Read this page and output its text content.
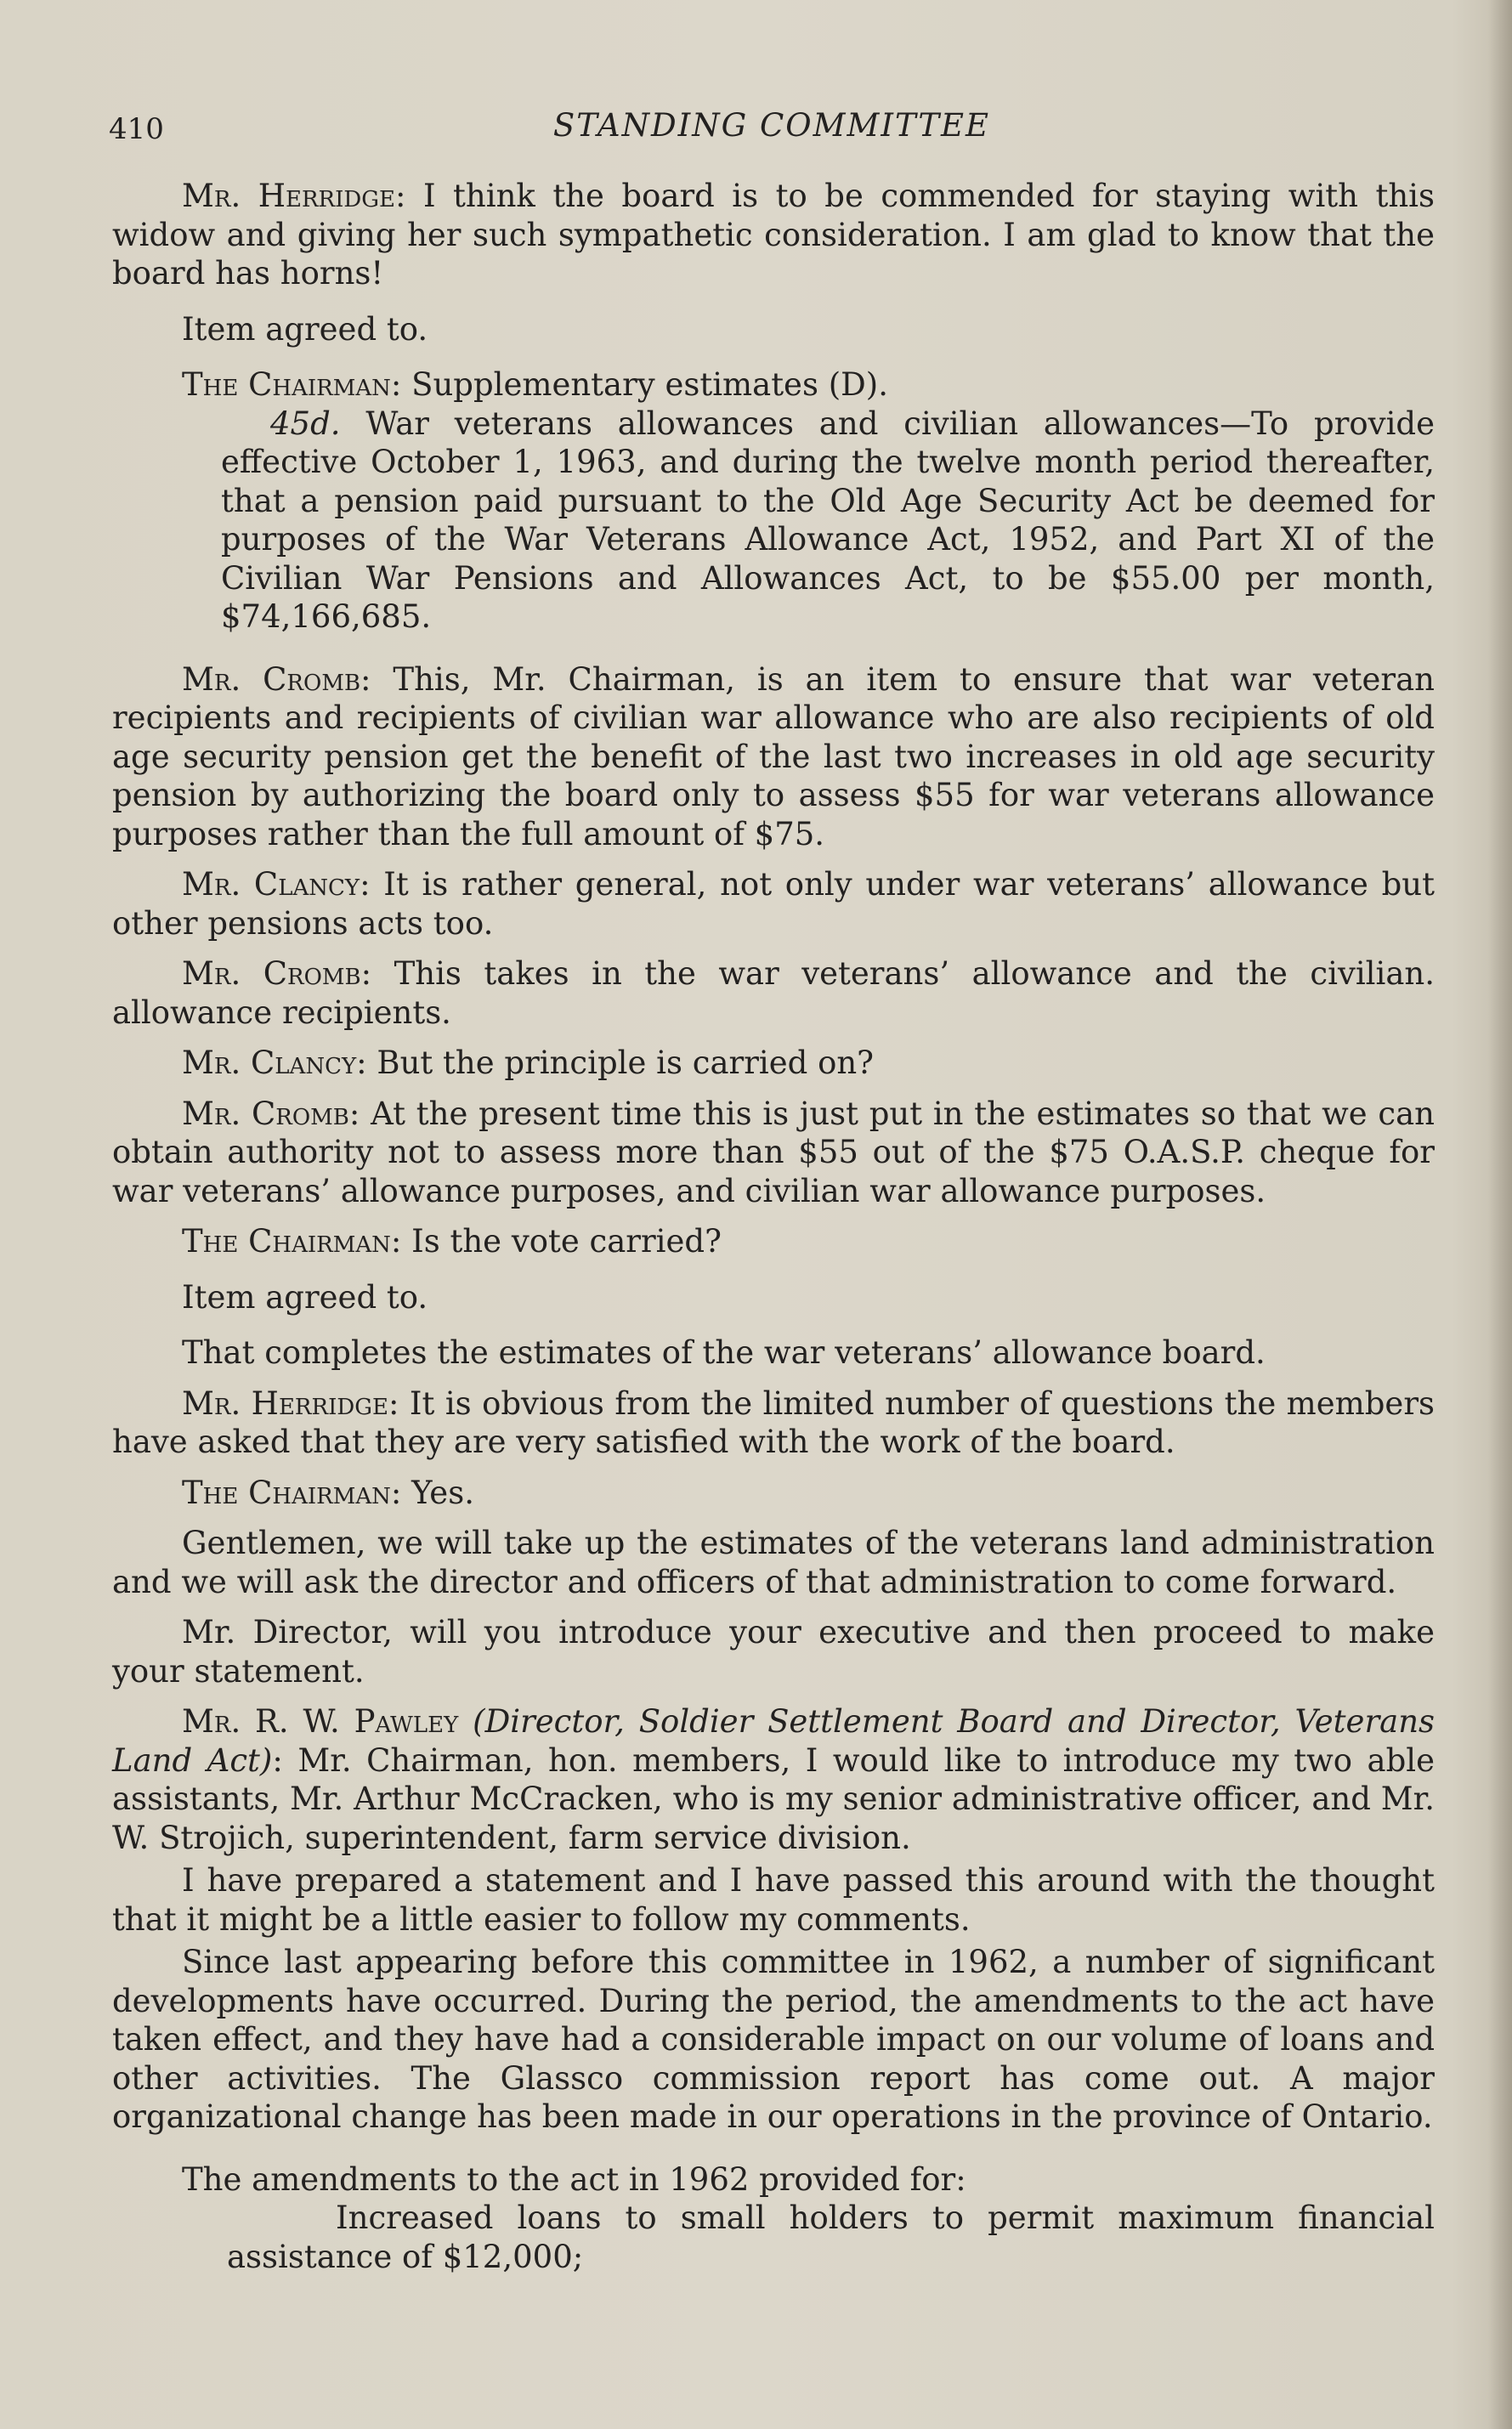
410	STANDING COMMITTEE

Mr. Herridge: I think the board is to be commended for staying with this widow and giving her such sympathetic consideration. I am glad to know that the board has horns!

Item agreed to.

The Chairman: Supplementary estimates (D).

45d. War veterans allowances and civilian allowances—To provide effective October 1, 1963, and during the twelve month period thereafter, that a pension paid pursuant to the Old Age Security Act be deemed for purposes of the War Veterans Allowance Act, 1952, and Part XI of the Civilian War Pensions and Allowances Act, to be $55.00 per month, $74,166,685.

Mr. Cromb: This, Mr. Chairman, is an item to ensure that war veteran recipients and recipients of civilian war allowance who are also recipients of old age security pension get the benefit of the last two increases in old age security pension by authorizing the board only to assess $55 for war veterans allowance purposes rather than the full amount of $75.

Mr. Clancy: It is rather general, not only under war veterans’ allowance but other pensions acts too.

Mr. Cromb: This takes in the war veterans’ allowance and the civilian. allowance recipients.

Mr. Clancy: But the principle is carried on?

Mr. Cromb: At the present time this is just put in the estimates so that we can obtain authority not to assess more than $55 out of the $75 O.A.S.P. cheque for war veterans’ allowance purposes, and civilian war allowance purposes.

The Chairman: Is the vote carried?

Item agreed to.

That completes the estimates of the war veterans’ allowance board.

Mr. Herridge: It is obvious from the limited number of questions the members have asked that they are very satisfied with the work of the board.

The Chairman: Yes.

Gentlemen, we will take up the estimates of the veterans land administration and we will ask the director and officers of that administration to come forward.

Mr. Director, will you introduce your executive and then proceed to make your statement.

Mr. R. W. Pawley (Director, Soldier Settlement Board and Director, Veterans Land Act): Mr. Chairman, hon. members, I would like to introduce my two able assistants, Mr. Arthur McCracken, who is my senior administrative officer, and Mr. W. Strojich, superintendent, farm service division.

I have prepared a statement and I have passed this around with the thought that it might be a little easier to follow my comments.

Since last appearing before this committee in 1962, a number of significant developments have occurred. During the period, the amendments to the act have taken effect, and they have had a considerable impact on our volume of loans and other activities. The Glassco commission report has come out. A major organizational change has been made in our operations in the province of Ontario.

The amendments to the act in 1962 provided for:

Increased loans to small holders to permit maximum financial assistance of $12,000;
